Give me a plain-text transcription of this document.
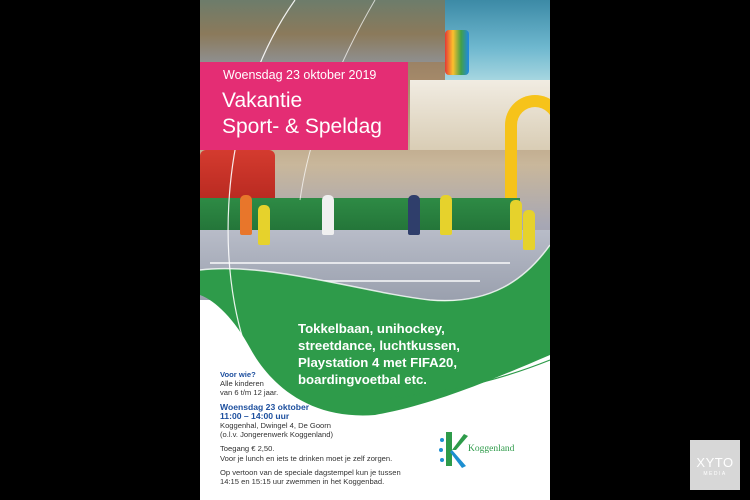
Woensdag 23 oktober 2019
Vakantie
Sport- & Speldag
Tokkelbaan, unihockey,
streetdance, luchtkussen,
Playstation 4 met FIFA20,
boardingvoetbal etc.
Voor wie?
Alle kinderen
van 6 t/m 12 jaar.
Woensdag 23 oktober
11:00 – 14:00 uur
Koggenhal, Dwingel 4, De Goorn
(o.l.v. Jongerenwerk Koggenland)
Toegang € 2,50.
Voor je lunch en iets te drinken moet je zelf zorgen.
Op vertoon van de speciale dagstempel kun je tussen
14:15 en 15:15 uur zwemmen in het Koggenbad.
Koggenland
XYTO
MEDIA
